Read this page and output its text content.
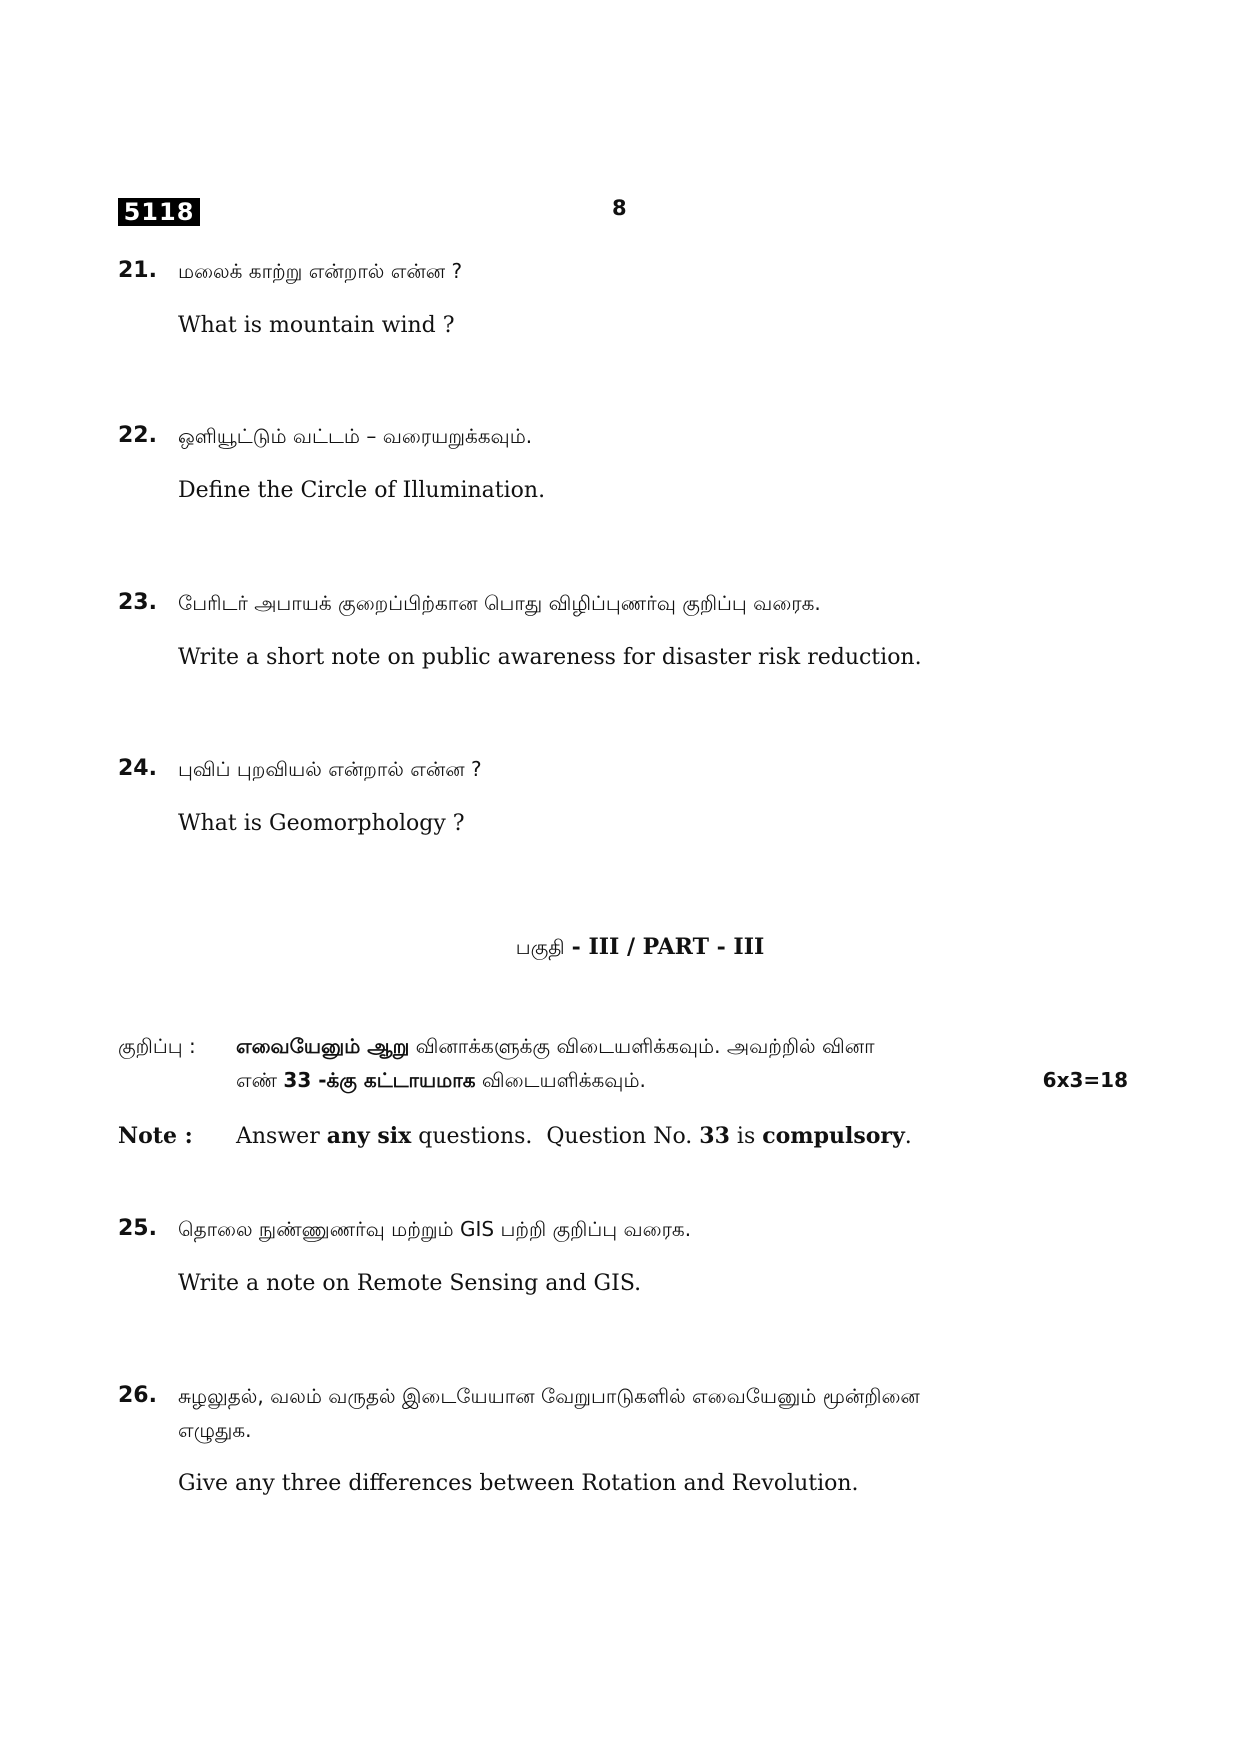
5118	8
21. மலைக் காற்று என்றால் என்ன ?
What is mountain wind ?
22. ஒளியூட்டும் வட்டம் – வரையறுக்கவும்.
Define the Circle of Illumination.
23. பேரிடர் அபாயக் குறைப்பிற்கான பொது விழிப்புணர்வு குறிப்பு வரைக.
Write a short note on public awareness for disaster risk reduction.
24. புவிப் புறவியல் என்றால் என்ன ?
What is Geomorphology ?
பகுதி - III / PART - III
குறிப்பு : எவையேனும் ஆறு வினாக்களுக்கு விடையளிக்கவும். அவற்றில் வினா
எண் 33 -க்கு கட்டாயமாக விடையளிக்கவும்.	6x3=18
Note : Answer any six questions.  Question No. 33 is compulsory.
25. தொலை நுண்ணுணர்வு மற்றும் GIS பற்றி குறிப்பு வரைக.
Write a note on Remote Sensing and GIS.
26. சுழலுதல், வலம் வருதல் இடையேயான வேறுபாடுகளில் எவையேனும் மூன்றினை
எழுதுக.
Give any three differences between Rotation and Revolution.
